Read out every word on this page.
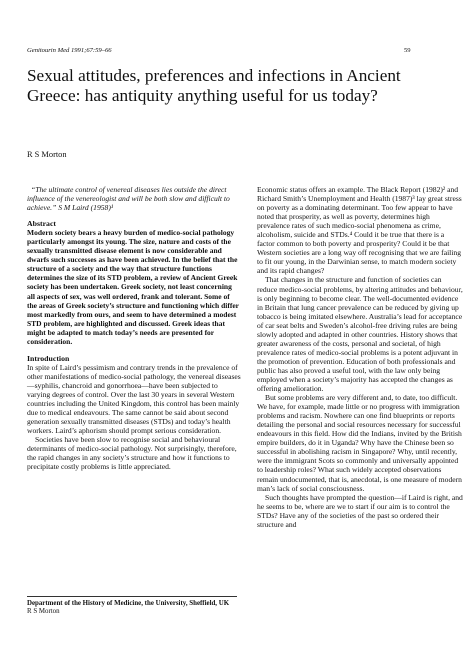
Genitourin Med 1991;67:59–66	59
Sexual attitudes, preferences and infections in Ancient Greece: has antiquity anything useful for us today?
R S Morton

“The ultimate control of venereal diseases lies outside the direct influence of the venereologist and will be both slow and difficult to achieve.” S M Laird (1958)¹

Abstract

Modern society bears a heavy burden of medico-social pathology particularly amongst its young. The size, nature and costs of the sexually transmitted disease element is now considerable and dwarfs such successes as have been achieved. In the belief that the structure of a society and the way that structure functions determines the size of its STD problem, a review of Ancient Greek society has been undertaken. Greek society, not least concerning all aspects of sex, was well ordered, frank and tolerant. Some of the areas of Greek society’s structure and functioning which differ most markedly from ours, and seem to have determined a modest STD problem, are highlighted and discussed. Greek ideas that might be adapted to match today’s needs are presented for consideration.

Introduction

In spite of Laird’s pessimism and contrary trends in the prevalence of other manifestations of medico-social pathology, the venereal diseases—syphilis, chancroid and gonorrhoea—have been subjected to varying degrees of control. Over the last 30 years in several Western countries including the United Kingdom, this control has been mainly due to medical endeavours. The same cannot be said about second generation sexually transmitted diseases (STDs) and today’s health workers. Laird’s aphorism should prompt serious consideration.

Societies have been slow to recognise social and behavioural determinants of medico-social pathology. Not surprisingly, therefore, the rapid changes in any society’s structure and how it functions to precipitate costly problems is little appreciated.

Economic status offers an example. The Black Report (1982)² and Richard Smith’s Unemployment and Health (1987)³ lay great stress on poverty as a dominating determinant. Too few appear to have noted that prosperity, as well as poverty, determines high prevalence rates of such medico-social phenomena as crime, alcoholism, suicide and STDs.⁴ Could it be true that there is a factor common to both poverty and prosperity? Could it be that Western societies are a long way off recognising that we are failing to fit our young, in the Darwinian sense, to match modern society and its rapid changes?

That changes in the structure and function of societies can reduce medico-social problems, by altering attitudes and behaviour, is only beginning to become clear. The well-documented evidence in Britain that lung cancer prevalence can be reduced by giving up tobacco is being imitated elsewhere. Australia’s lead for acceptance of car seat belts and Sweden’s alcohol-free driving rules are being slowly adopted and adapted in other countries. History shows that greater awareness of the costs, personal and societal, of high prevalence rates of medico-social problems is a potent adjuvant in the promotion of prevention. Education of both professionals and public has also proved a useful tool, with the law only being employed when a society’s majority has accepted the changes as offering amelioration.

But some problems are very different and, to date, too difficult. We have, for example, made little or no progress with immigration problems and racism. Nowhere can one find blueprints or reports detailing the personal and social resources necessary for successful endeavours in this field. How did the Indians, invited by the British empire builders, do it in Uganda? Why have the Chinese been so successful in abolishing racism in Singapore? Why, until recently, were the immigrant Scots so commonly and universally appointed to leadership roles? What such widely accepted observations remain undocumented, that is, anecdotal, is one measure of modern man’s lack of social consciousness.

Such thoughts have prompted the question—if Laird is right, and he seems to be, where are we to start if our aim is to control the STDs? Have any of the societies of the past so ordered their structure and

Department of the History of Medicine, the University, Sheffield, UK
R S Morton
